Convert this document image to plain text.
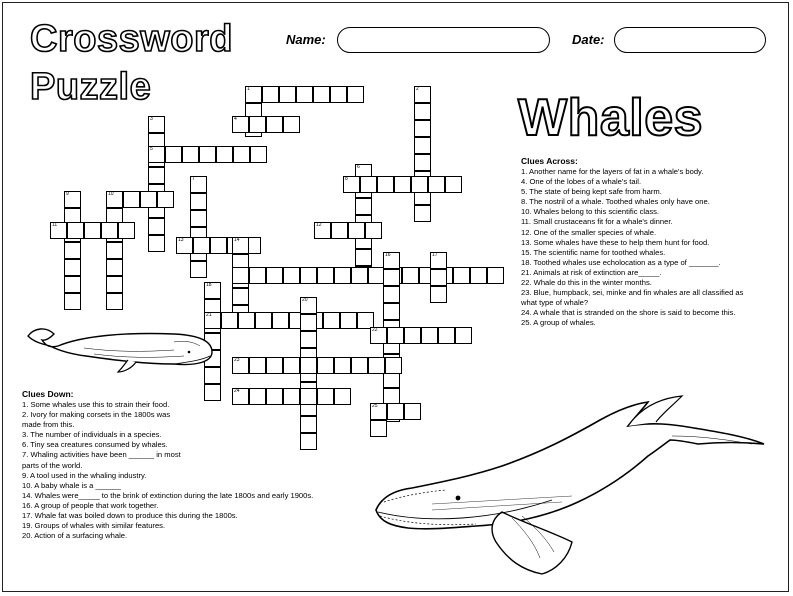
Crossword
Puzzle
Whales
Name:	Date:
1	2
3	4
5
6
8
7
9	10
11	12
13	14
16	17
18
21
20
22
23
24
25
Clues Across:
1. Another name for the layers of fat in a whale's body.
4. One of the lobes of a whale's tail.
5. The state of being kept safe from harm.
8. The nostril of a whale. Toothed whales only have one.
10. Whales belong to this scientific class.
11. Small crustaceans fit for a whale's dinner.
12. One of the smaller species of whale.
13. Some whales have these to help them hunt for food.
15. The scientific name for toothed whales.
18. Toothed whales use echolocation as a type of _______.
21. Animals at risk of extinction are_____.
22. Whale do this in the winter months.
23. Blue, humpback, sei, minke and fin whales are all classified as
what type of whale?
24. A whale that is stranded on the shore is said to become this.
25. A group of whales.
Clues Down:
1. Some whales use this to strain their food.
2. Ivory for making corsets in the 1800s was
made from this.
3. The number of individuals in a species.
6. Tiny sea creatures consumed by whales.
7. Whaling activities have been ______ in most
parts of the world.
9. A tool used in the whaling industry.
10. A baby whale is a ______
14. Whales were_____ to the brink of extinction during the late 1800s and early 1900s.
16. A group of people that work together.
17. Whale fat was boiled down to produce this during the 1800s.
19. Groups of whales with similar features.
20. Action of a surfacing whale.
